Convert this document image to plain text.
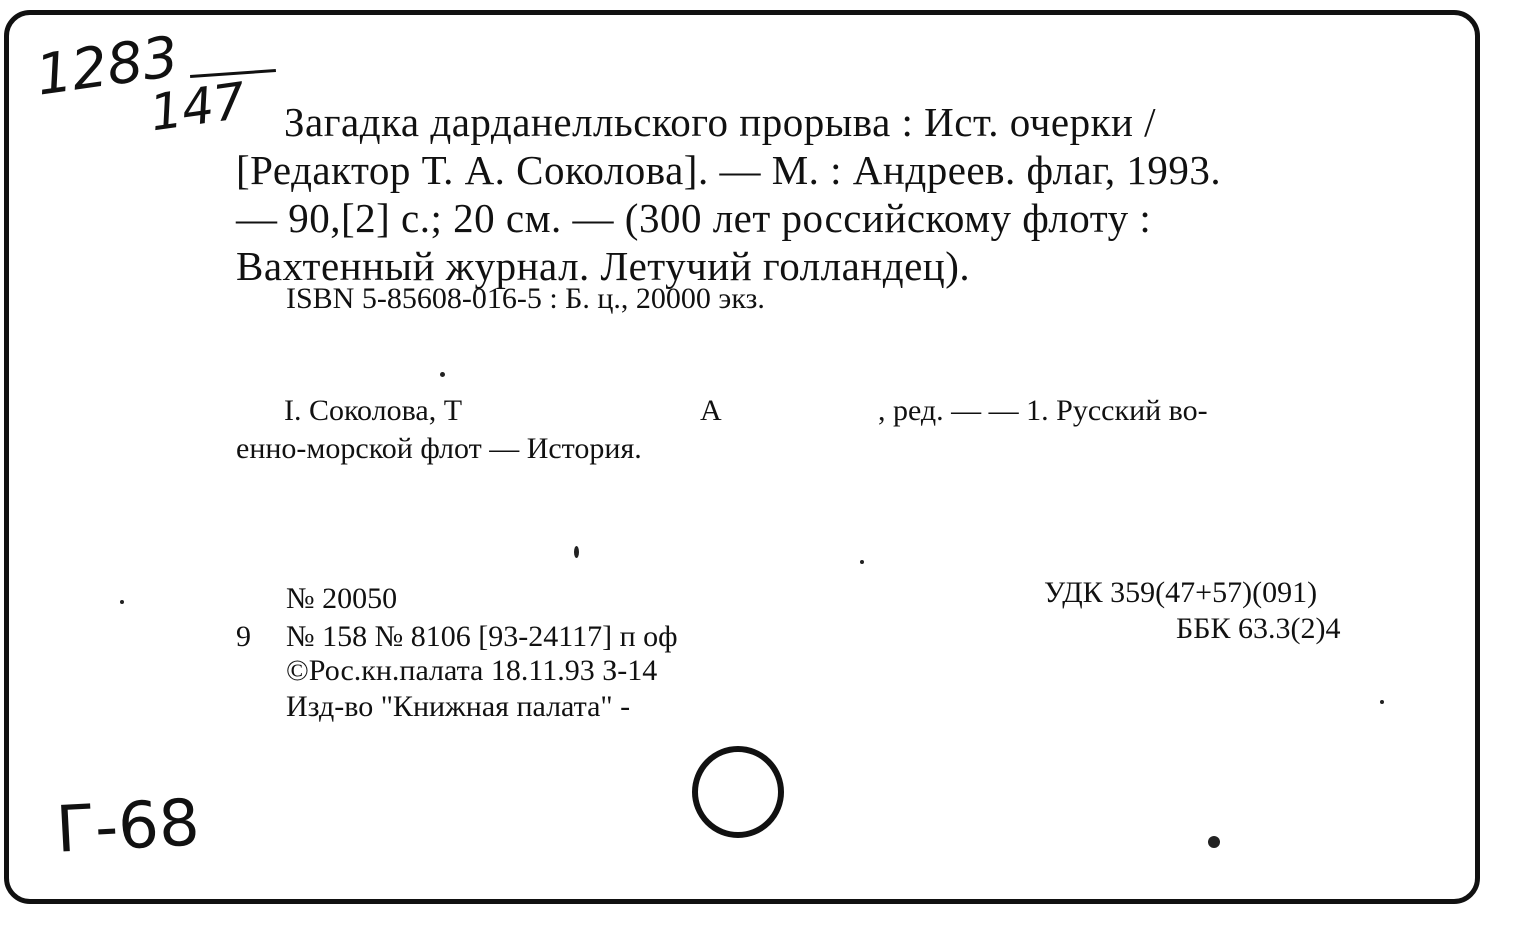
1283
147 Загадка дарданелльского прорыва : Ист. очерки /
[Редактор Т. А. Соколова]. — М. : Андреев. флаг, 1993.
— 90,[2] с.; 20 см. — (300 лет российскому флоту :
Вахтенный журнал. Летучий голландец).
ISBN 5-85608-016-5 : Б. ц., 20000 экз.
I. Соколова, Т	А	, ред. — — 1. Русский во-
енно-морской флот — История.
№ 20050
9 № 158 № 8106 [93-24117] п оф
©Рос.кн.палата 18.11.93 З-14
Изд-во "Книжная палата" -
УДК 359(47+57)(091)
ББК 63.3(2)4
Г-68
